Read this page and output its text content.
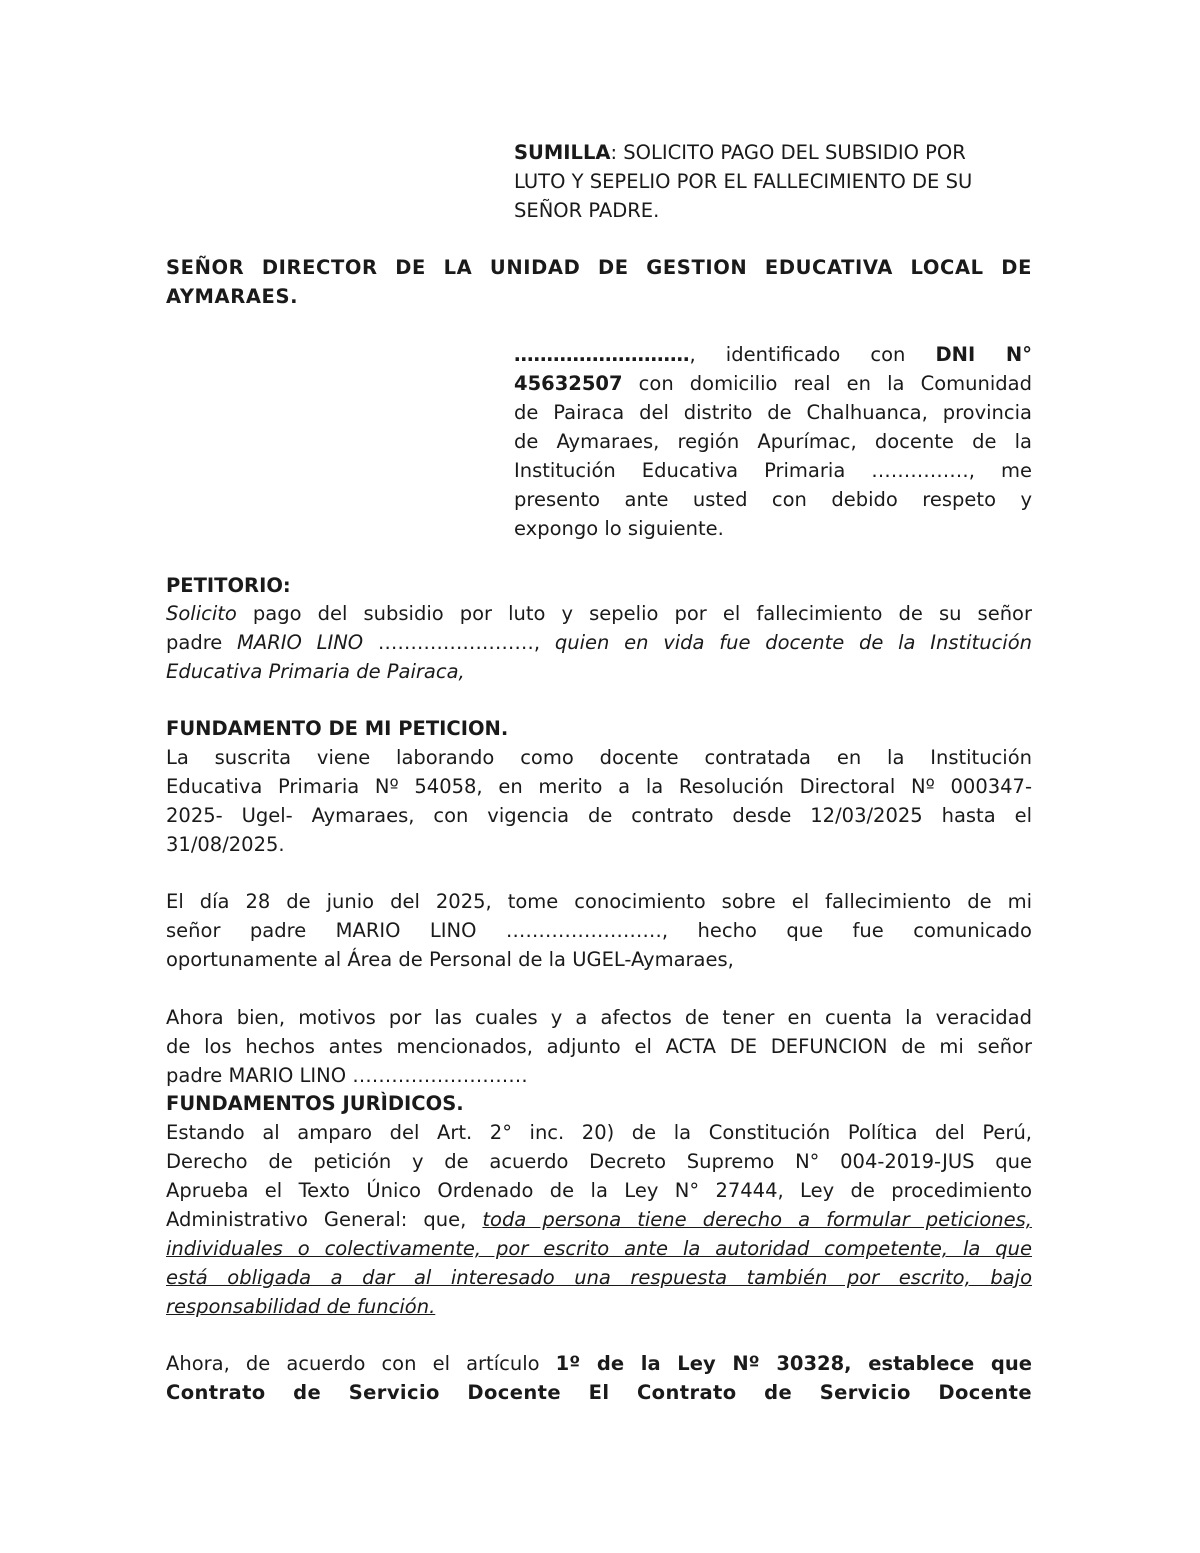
SUMILLA: SOLICITO PAGO DEL SUBSIDIO POR
LUTO Y SEPELIO POR EL FALLECIMIENTO DE SU
SEÑOR PADRE.
SEÑOR DIRECTOR DE LA UNIDAD DE GESTION EDUCATIVA LOCAL DE
AYMARAES.
………………………, identificado con DNI N°
45632507 con domicilio real en la Comunidad
de Pairaca del distrito de Chalhuanca, provincia
de Aymaraes, región Apurímac, docente de la
Institución Educativa Primaria ……………, me
presento ante usted con debido respeto y
expongo lo siguiente.
PETITORIO:
Solicito pago del subsidio por luto y sepelio por el fallecimiento de su señor
padre MARIO LINO ……………………, quien en vida fue docente de la Institución
Educativa Primaria de Pairaca,
FUNDAMENTO DE MI PETICION.
La suscrita viene laborando como docente contratada en la Institución
Educativa Primaria Nº 54058, en merito a la Resolución Directoral Nº 000347-
2025- Ugel- Aymaraes, con vigencia de contrato desde 12/03/2025 hasta el
31/08/2025.
El día 28 de junio del 2025, tome conocimiento sobre el fallecimiento de mi
señor padre MARIO LINO ……………………, hecho que fue comunicado
oportunamente al Área de Personal de la UGEL-Aymaraes,
Ahora bien, motivos por las cuales y a afectos de tener en cuenta la veracidad
de los hechos antes mencionados, adjunto el ACTA DE DEFUNCION de mi señor
padre MARIO LINO ………………………
FUNDAMENTOS JURÌDICOS.
Estando al amparo del Art. 2° inc. 20) de la Constitución Política del Perú,
Derecho de petición y de acuerdo Decreto Supremo N° 004-2019-JUS que
Aprueba el Texto Único Ordenado de la Ley N° 27444, Ley de procedimiento
Administrativo General: que, toda persona tiene derecho a formular peticiones,
individuales o colectivamente, por escrito ante la autoridad competente, la que
está obligada a dar al interesado una respuesta también por escrito, bajo
responsabilidad de función.
Ahora, de acuerdo con el artículo 1º de la Ley Nº 30328, establece que
Contrato de Servicio Docente El Contrato de Servicio Docente
